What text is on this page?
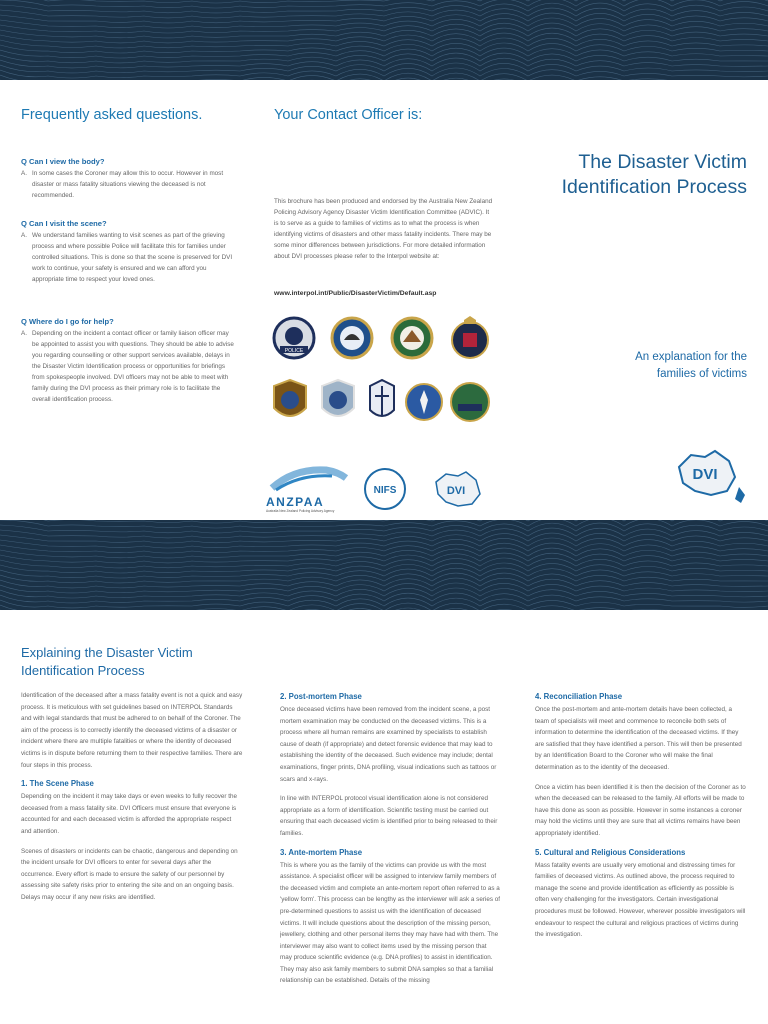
Frequently asked questions.
Q Can I view the body?
A. In some cases the Coroner may allow this to occur. However in most disaster or mass fatality situations viewing the deceased is not recommended.
Q Can I visit the scene?
A. We understand families wanting to visit scenes as part of the grieving process and where possible Police will facilitate this for families under controlled situations. This is done so that the scene is preserved for DVI work to continue, your safety is ensured and we can afford you appropriate time to respect your loved ones.
Q Where do I go for help?
A. Depending on the incident a contact officer or family liaison officer may be appointed to assist you with questions. They should be able to advise you regarding counselling or other support services available, delays in the Disaster Victim Identification process or opportunities for briefings from spokespeople involved. DVI officers may not be able to meet with family during the DVI process as their primary role is to facilitate the overall identification process.
Your Contact Officer is:
This brochure has been produced and endorsed by the Australia New Zealand Policing Advisory Agency Disaster Victim Identification Committee (ADVIC). It is to serve as a guide to families of victims as to what the process is when identifying victims of disasters and other mass fatality incidents. There may be some minor differences between jurisdictions. For more detailed information about DVI processes please refer to the Interpol website at:
www.interpol.int/Public/DisasterVictim/Default.asp
POLICE
ANZPAA
Australia New Zealand Policing Advisory Agency
NIFS	DVI
The Disaster Victim
Identification Process
An explanation for the
families of victims
DVI
Explaining the Disaster Victim Identification Process
Identification of the deceased after a mass fatality event is not a quick and easy process. It is meticulous with set guidelines based on INTERPOL Standards and with legal standards that must be adhered to on behalf of the Coroner. The aim of the process is to correctly identify the deceased victims of a disaster or incident where there are multiple fatalities or where the identity of deceased victims is in dispute before returning them to their respective families. There are four steps in this process.
1. The Scene Phase
Depending on the incident it may take days or even weeks to fully recover the deceased from a mass fatality site. DVI Officers must ensure that everyone is accounted for and each deceased victim is afforded the appropriate respect and attention.
Scenes of disasters or incidents can be chaotic, dangerous and depending on the incident unsafe for DVI officers to enter for several days after the occurrence. Every effort is made to ensure the safety of our personnel by assessing site safety risks prior to entering the site and on an ongoing basis. Delays may occur if any new risks are identified.
2. Post-mortem Phase
Once deceased victims have been removed from the incident scene, a post mortem examination may be conducted on the deceased victims. This is a process where all human remains are examined by specialists to establish cause of death (if appropriate) and detect forensic evidence that may lead to establishing the identity of the deceased. Such evidence may include; dental examinations, finger prints, DNA profiling, visual indications such as tattoos or scars and x-rays.
In line with INTERPOL protocol visual identification alone is not considered appropriate as a form of identification. Scientific testing must be carried out ensuring that each deceased victim is identified prior to being released to their families.
3. Ante-mortem Phase
This is where you as the family of the victims can provide us with the most assistance. A specialist officer will be assigned to interview family members of the deceased victim and complete an ante-mortem report often referred to as a 'yellow form'. This process can be lengthy as the interviewer will ask a series of pre-determined questions to assist us with the identification of deceased victims. It will include questions about the description of the missing person, jewellery, clothing and other personal items they may have had with them. The interviewer may also want to collect items used by the missing person that may produce scientific evidence (e.g. DNA profiles) to assist in identification. They may also ask family members to submit DNA samples so that a familial relationship can be established. Details of the missing
4. Reconciliation Phase
Once the post-mortem and ante-mortem details have been collected, a team of specialists will meet and commence to reconcile both sets of information to determine the identification of the deceased victims. If they are satisfied that they have identified a person. This will then be presented by an Identification Board to the Coroner who will make the final determination as to the identity of the deceased.
Once a victim has been identified it is then the decision of the Coroner as to when the deceased can be released to the family. All efforts will be made to have this done as soon as possible. However in some instances a coroner may hold the victims until they are sure that all victims remains have been appropriately identified.
5. Cultural and Religious Considerations
Mass fatality events are usually very emotional and distressing times for families of deceased victims. As outlined above, the process required to manage the scene and provide identification as efficiently as possible is often very challenging for the investigators. Certain investigational procedures must be followed. However, wherever possible investigators will endeavour to respect the cultural and religious practices of victims during the investigation.
